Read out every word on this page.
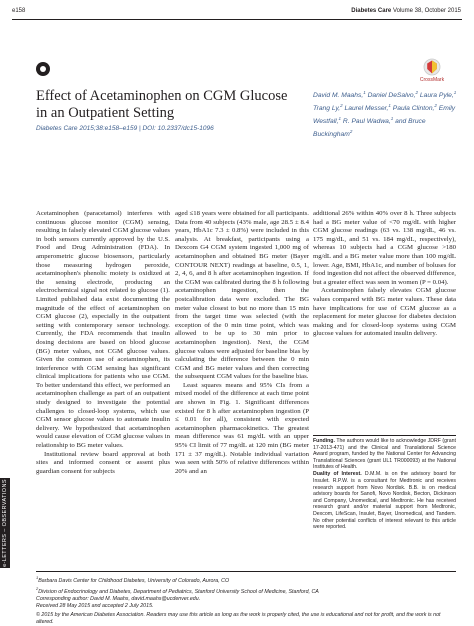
e158	Diabetes Care Volume 38, October 2015
CrossMark
Effect of Acetaminophen on CGM Glucose in an Outpatient Setting
Diabetes Care 2015;38:e158–e159 | DOI: 10.2337/dc15-1096
David M. Maahs,$^1$ Daniel DeSalvo,$^2$ Laura Pyle,$^1$ Trang Ly,$^2$ Laurel Messer,$^1$ Paula Clinton,$^2$ Emily Westfall,$^1$ R. Paul Wadwa,$^1$ and Bruce Buckingham$^2$
e-LETTERS – OBSERVATIONS

Acetaminophen (paracetamol) interferes with continuous glucose monitor (CGM) sensing, resulting in falsely elevated CGM glucose values in both sensors currently approved by the U.S. Food and Drug Administration (FDA). In amperometric glucose biosensors, particularly those measuring hydrogen peroxide, acetaminophen's phenolic moiety is oxidized at the sensing electrode, producing an electrochemical signal not related to glucose (1). Limited published data exist documenting the magnitude of the effect of acetaminophen on CGM glucose (2), especially in the outpatient setting with contemporary sensor technology. Currently, the FDA recommends that insulin dosing decisions are based on blood glucose (BG) meter values, not CGM glucose values. Given the common use of acetaminophen, its interference with CGM sensing has significant clinical implications for patients who use CGM. To better understand this effect, we performed an acetaminophen challenge as part of an outpatient study designed to investigate the potential challenges to closed-loop systems, which use CGM sensor glucose values to automate insulin delivery. We hypothesized that acetaminophen would cause elevation of CGM glucose values in relationship to BG meter values.

Institutional review board approval at both sites and informed consent or assent plus guardian consent for subjects

aged ≤18 years were obtained for all participants. Data from 40 subjects (43% male, age 28.5 ± 8.4 years, HbA1c 7.3 ± 0.8%) were included in this analysis. At breakfast, participants using a Dexcom G4 CGM system ingested 1,000 mg of acetaminophen and obtained BG meter (Bayer CONTOUR NEXT) readings at baseline, 0.5, 1, 2, 4, 6, and 8 h after acetaminophen ingestion. If the CGM was calibrated during the 8 h following acetaminophen ingestion, then the postcalibration data were excluded. The BG meter value closest to but no more than 15 min from the target time was selected (with the exception of the 0 min time point, which was allowed to be up to 30 min prior to acetaminophen ingestion). Next, the CGM glucose values were adjusted for baseline bias by calculating the difference between the 0 min CGM and BG meter values and then correcting the subsequent CGM values for the baseline bias.

Least squares means and 95% CIs from a mixed model of the difference at each time point are shown in Fig. 1. Significant differences existed for 8 h after acetaminophen ingestion (P ≤ 0.01 for all), consistent with expected acetaminophen pharmacokinetics. The greatest mean difference was 61 mg/dL with an upper 95% CI limit of 77 mg/dL at 120 min (BG meter 171 ± 37 mg/dL). Notable individual variation was seen with 50% of relative differences within 20% and an

additional 26% within 40% over 8 h. Three subjects had a BG meter value of <70 mg/dL with higher CGM glucose readings (63 vs. 138 mg/dL, 46 vs. 175 mg/dL, and 51 vs. 184 mg/dL, respectively), whereas 10 subjects had a CGM glucose >180 mg/dL and a BG meter value more than 100 mg/dL lower. Age, BMI, HbA1c, and number of boluses for food ingestion did not affect the observed difference, but a greater effect was seen in women (P = 0.04).

Acetaminophen falsely elevates CGM glucose values compared with BG meter values. These data have implications for use of CGM glucose as a replacement for meter glucose for diabetes decision making and for closed-loop systems using CGM glucose values for automated insulin delivery.

Funding. The authors would like to acknowledge JDRF (grant 17-2013-471) and the Clinical and Translational Science Award program, funded by the National Center for Advancing Translational Sciences (grant UL1 TR000093) at the National Institutes of Health.

Duality of Interest. D.M.M. is on the advisory board for Insulet. R.P.W. is a consultant for Medtronic and receives research support from Novo Nordisk. B.B. is on medical advisory boards for Sanofi, Novo Nordisk, Becton, Dickinson and Company, Unomedical, and Medtronic. He has received research grant and/or material support from Medtronic, Dexcom, LifeScan, Insulet, Bayer, Unomedical, and Tandem. No other potential conflicts of interest relevant to this article were reported.

$^1$Barbara Davis Center for Childhood Diabetes, University of Colorado, Aurora, CO

$^2$Division of Endocrinology and Diabetes, Department of Pediatrics, Stanford University School of Medicine, Stanford, CA

Corresponding author: David M. Maahs, david.maahs@ucdenver.edu.

Received 28 May 2015 and accepted 2 July 2015.

© 2015 by the American Diabetes Association. Readers may use this article as long as the work is properly cited, the use is educational and not for profit, and the work is not altered.
